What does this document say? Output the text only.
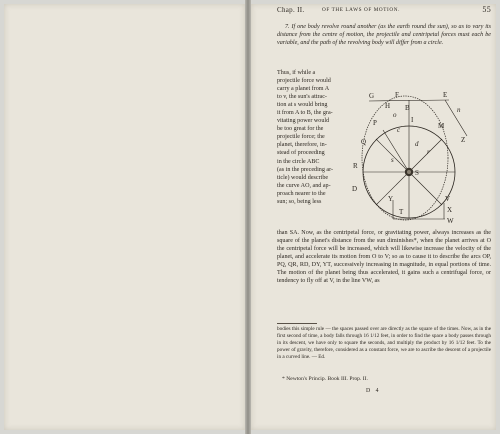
Chap. II.	OF THE LAWS OF MOTION.	55
7. If one body revolve round another (as the earth round the sun), so as to vary its distance from the centre of motion, the projectile and centripetal forces must each be variable, and the path of the revolving body will differ from a circle.
Thus, if while a
projectile force would
carry a planet from A
to v, the sun's attrac-
tion at s would bring
it from A to B, the gra-
vitating power would
be too great for the
projectile force; the
planet, therefore, in-
stead of proceeding
in the circle ABC
(as in the preceding ar-
ticle) would describe
the curve AO, and ap-
proach nearer to the
sun; so, being less
G	F	E
H B	n
o
I
M
P
c
Z
d
Q
r
s
R
S
D
Y	V
X
T
W
than SA. Now, as the centripetal force, or gravitating power, always increases as the square of the planet's distance from the sun diminishes*, when the planet arrives at O the centripetal force will be increased, which will likewise increase the velocity of the planet, and accelerate its motion from O to V; so as to cause it to describe the arcs OP, PQ, QR, RD, DY, YT, successively increasing in magnitude, in equal portions of time. The motion of the planet being thus accelerated, it gains such a centrifugal force, or tendency to fly off at V, in the line VW, as
bodies this simple rule — the spaces passed over are directly as the square of the times. Now, as in the first second of time, a body falls through 16 1/12 feet, in order to find the space a body passes through in its descent, we have only to square the seconds, and multiply the product by 16 1/12 feet. To the power of gravity, therefore, considered as a constant force, we are to ascribe the descent of a projectile in a curved line. — Ed.
* Newton's Princip. Book III. Prop. II.
D 4
